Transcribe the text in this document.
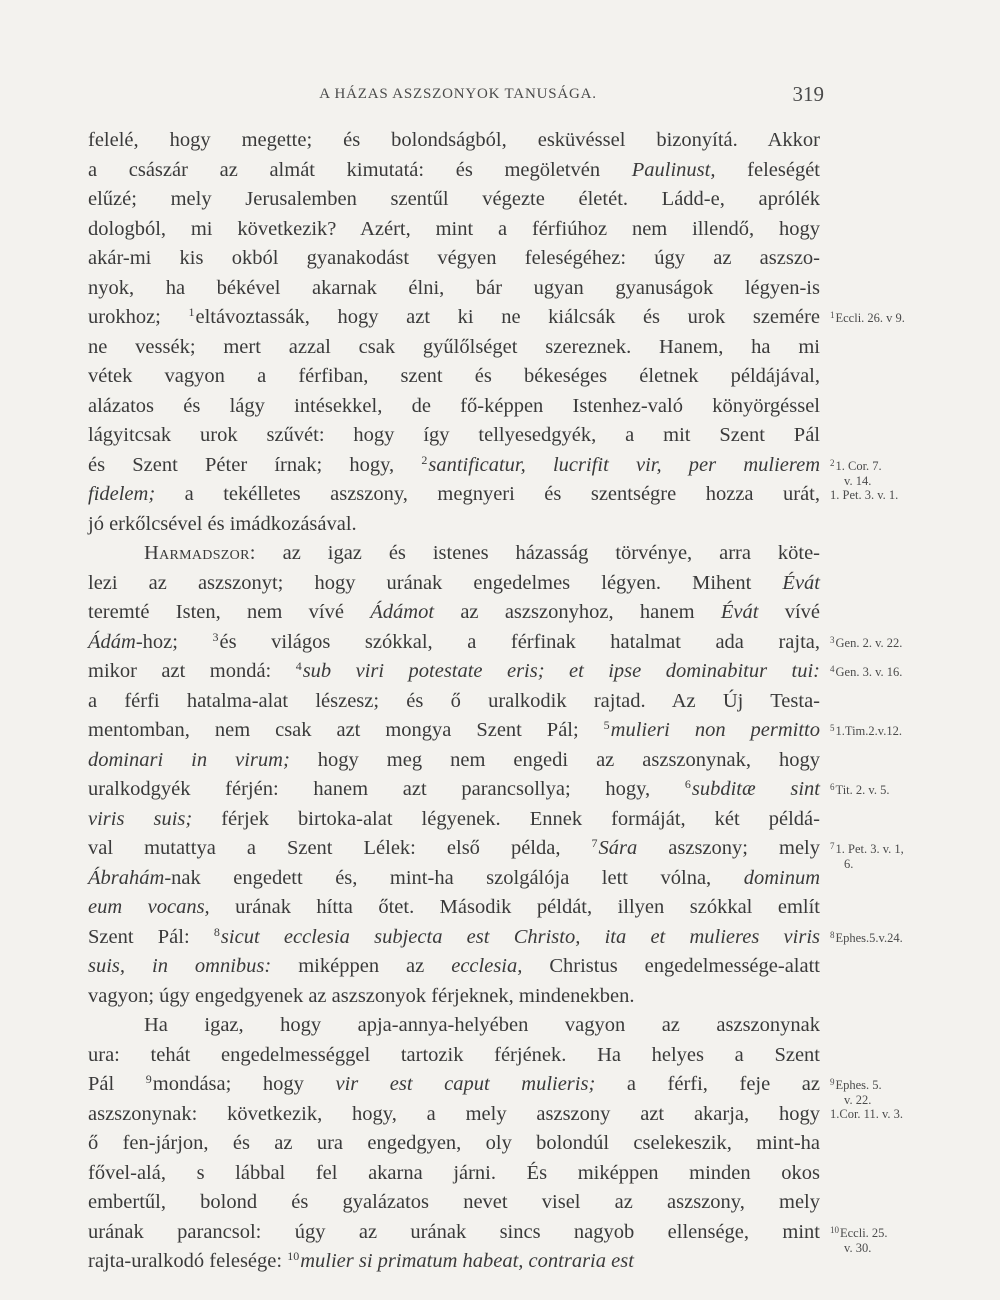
A HÁZAS ASZSZONYOK TANUSÁGA.	319
felelé, hogy megette; és bolondságból, esküvéssel bizonyítá. Akkor
a császár az almát kimutatá: és megöletvén Paulinust, feleségét
elűzé; mely Jerusalemben szentűl végezte életét. Ládd-e, aprólék
dologból, mi következik? Azért, mint a férfiúhoz nem illendő, hogy
akár-mi kis okból gyanakodást végyen feleségéhez: úgy az aszszo-
nyok, ha békével akarnak élni, bár ugyan gyanuságok légyen-is
urokhoz; $^1$eltávoztassák, hogy azt ki ne kiálcsák és urok szemére
ne vessék; mert azzal csak gyűlőlséget szereznek. Hanem, ha mi
vétek vagyon a férfiban, szent és békeséges életnek példájával,
alázatos és lágy intésekkel, de fő-képpen Istenhez-való könyörgéssel
lágyitcsak urok szűvét: hogy így tellyesedgyék, a mit Szent Pál
és Szent Péter írnak; hogy, $^2$santificatur, lucrifit vir, per mulierem
fidelem; a tekélletes aszszony, megnyeri és szentségre hozza urát,
jó erkőlcsével és imádkozásával.
Harmadszor: az igaz és istenes házasság törvénye, arra köte-
lezi az aszszonyt; hogy urának engedelmes légyen. Mihent Évát
teremté Isten, nem vívé Ádámot az aszszonyhoz, hanem Évát vívé
Ádám-hoz; $^3$és világos szókkal, a férfinak hatalmat ada rajta,
mikor azt mondá: $^4$sub viri potestate eris; et ipse dominabitur tui:
a férfi hatalma-alat lészesz; és ő uralkodik rajtad. Az Új Testa-
mentomban, nem csak azt mongya Szent Pál; $^5$mulieri non permitto
dominari in virum; hogy meg nem engedi az aszszonynak, hogy
uralkodgyék férjén: hanem azt parancsollya; hogy, $^6$subditæ sint
viris suis; férjek birtoka-alat légyenek. Ennek formáját, két példá-
val mutattya a Szent Lélek: első példa, $^7$Sára aszszony; mely
Ábrahám-nak engedett és, mint-ha szolgálója lett vólna, dominum
eum vocans, urának hítta őtet. Második példát, illyen szókkal említ
Szent Pál: $^8$sicut ecclesia subjecta est Christo, ita et mulieres viris
suis, in omnibus: miképpen az ecclesia, Christus engedelmessége-alatt
vagyon; úgy engedgyenek az aszszonyok férjeknek, mindenekben.
Ha igaz, hogy apja-annya-helyében vagyon az aszszonynak
ura: tehát engedelmességgel tartozik férjének. Ha helyes a Szent
Pál $^9$mondása; hogy vir est caput mulieris; a férfi, feje az
aszszonynak: következik, hogy, a mely aszszony azt akarja, hogy
ő fen-járjon, és az ura engedgyen, oly bolondúl cselekeszik, mint-ha
fővel-alá, s lábbal fel akarna járni. És miképpen minden okos
embertűl, bolond és gyalázatos nevet visel az aszszony, mely
urának parancsol: úgy az urának sincs nagyob ellensége, mint
rajta-uralkodó felesége: $^{10}$mulier si primatum habeat, contraria est
$^1$Eccli. 26. v 9.
$^2$1. Cor. 7.
v. 14.
1. Pet. 3. v. 1.
$^3$Gen. 2. v. 22.
$^4$Gen. 3. v. 16.
$^5$1.Tim.2.v.12.
$^6$Tit. 2. v. 5.
$^7$1. Pet. 3. v. 1,
6.
$^8$Ephes.5.v.24.
$^9$Ephes. 5.
v. 22.
1.Cor. 11. v. 3.
$^{10}$Eccli. 25.
v. 30.
